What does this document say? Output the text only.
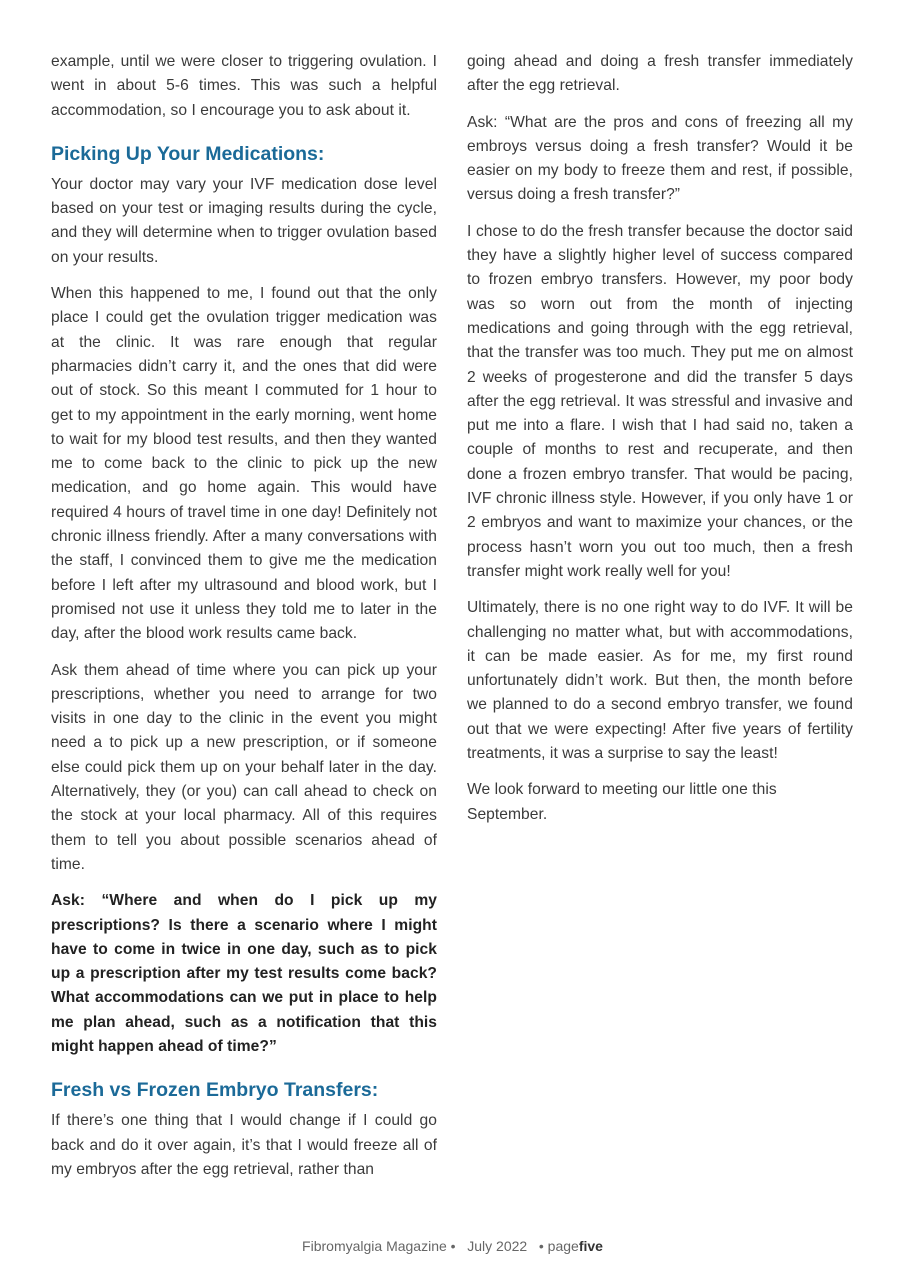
example, until we were closer to triggering ovulation. I went in about 5-6 times. This was such a helpful accommodation, so I encourage you to ask about it.

Picking Up Your Medications:

Your doctor may vary your IVF medication dose level based on your test or imaging results during the cycle, and they will determine when to trigger ovulation based on your results.

When this happened to me, I found out that the only place I could get the ovulation trigger medication was at the clinic. It was rare enough that regular pharmacies didn’t carry it, and the ones that did were out of stock. So this meant I commuted for 1 hour to get to my appointment in the early morning, went home to wait for my blood test results, and then they wanted me to come back to the clinic to pick up the new medication, and go home again. This would have required 4 hours of travel time in one day! Definitely not chronic illness friendly. After a many conversations with the staff, I convinced them to give me the medication before I left after my ultrasound and blood work, but I promised not use it unless they told me to later in the day, after the blood work results came back.

Ask them ahead of time where you can pick up your prescriptions, whether you need to arrange for two visits in one day to the clinic in the event you might need a to pick up a new prescription, or if someone else could pick them up on your behalf later in the day. Alternatively, they (or you) can call ahead to check on the stock at your local pharmacy. All of this requires them to tell you about possible scenarios ahead of time.

Ask: “Where and when do I pick up my prescriptions? Is there a scenario where I might have to come in twice in one day, such as to pick up a prescription after my test results come back? What accommodations can we put in place to help me plan ahead, such as a notification that this might happen ahead of time?”

Fresh vs Frozen Embryo Transfers:

If there’s one thing that I would change if I could go back and do it over again, it’s that I would freeze all of my embryos after the egg retrieval, rather than

going ahead and doing a fresh transfer immediately after the egg retrieval.

Ask: “What are the pros and cons of freezing all my embroys versus doing a fresh transfer? Would it be easier on my body to freeze them and rest, if possible, versus doing a fresh transfer?”

I chose to do the fresh transfer because the doctor said they have a slightly higher level of success compared to frozen embryo transfers. However, my poor body was so worn out from the month of injecting medications and going through with the egg retrieval, that the transfer was too much. They put me on almost 2 weeks of progesterone and did the transfer 5 days after the egg retrieval. It was stressful and invasive and put me into a flare. I wish that I had said no, taken a couple of months to rest and recuperate, and then done a frozen embryo transfer. That would be pacing, IVF chronic illness style. However, if you only have 1 or 2 embryos and want to maximize your chances, or the process hasn’t worn you out too much, then a fresh transfer might work really well for you!

Ultimately, there is no one right way to do IVF. It will be challenging no matter what, but with accommodations, it can be made easier. As for me, my first round unfortunately didn’t work. But then, the month before we planned to do a second embryo transfer, we found out that we were expecting! After five years of fertility treatments, it was a surprise to say the least!

We look forward to meeting our little one this September.

Fibromyalgia Magazine •   July 2022   • pagefive
